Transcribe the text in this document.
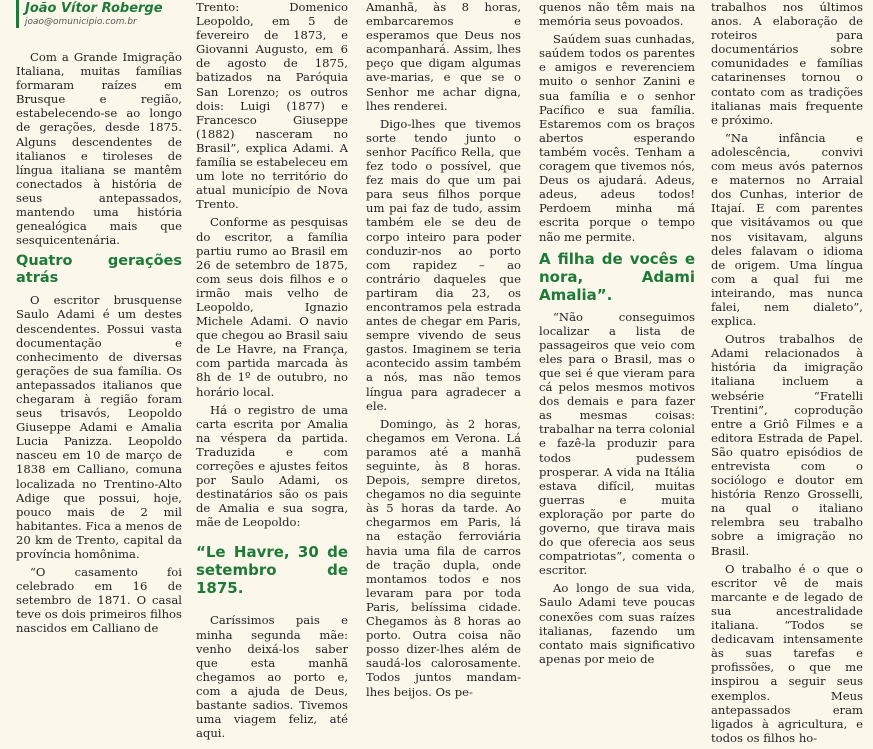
João Vítor Roberge
joao@omunicipio.com.br

Com a Grande Imigração Italiana, muitas famílias formaram raízes em Brusque e região, estabelecendo-se ao longo de gerações, desde 1875. Alguns descendentes de italianos e tiroleses de língua italiana se mantêm conectados à história de seus antepassados, mantendo uma história genealógica mais que sesquicentenária.

Quatro gerações atrás

O escritor brusquense Saulo Adami é um destes descendentes. Possui vasta documentação e conhecimento de diversas gerações de sua família. Os antepassados italianos que chegaram à região foram seus trisavós, Leopoldo Giuseppe Adami e Amalia Lucia Panizza. Leopoldo nasceu em 10 de março de 1838 em Calliano, comuna localizada no Trentino-Alto Adige que possui, hoje, pouco mais de 2 mil habitantes. Fica a menos de 20 km de Trento, capital da província homônima.

“O casamento foi celebrado em 16 de setembro de 1871. O casal teve os dois primeiros filhos nascidos em Calliano de

Trento: Domenico Leopoldo, em 5 de fevereiro de 1873, e Giovanni Augusto, em 6 de agosto de 1875, batizados na Paróquia San Lorenzo; os outros dois: Luigi (1877) e Francesco Giuseppe (1882) nasceram no Brasil”, explica Adami. A família se estabeleceu em um lote no território do atual município de Nova Trento.

Conforme as pesquisas do escritor, a família partiu rumo ao Brasil em 26 de setembro de 1875, com seus dois filhos e o irmão mais velho de Leopoldo, Ignazio Michele Adami. O navio que chegou ao Brasil saiu de Le Havre, na França, com partida marcada às 8h de 1º de outubro, no horário local.

Há o registro de uma carta escrita por Amalia na véspera da partida. Traduzida e com correções e ajustes feitos por Saulo Adami, os destinatários são os pais de Amalia e sua sogra, mãe de Leopoldo:

“Le Havre, 30 de setembro de 1875.

Caríssimos pais e minha segunda mãe: venho deixá-los saber que esta manhã chegamos ao porto e, com a ajuda de Deus, bastante sadios. Tivemos uma viagem feliz, até aqui.

Amanhã, às 8 horas, embarcaremos e esperamos que Deus nos acompanhará. Assim, lhes peço que digam algumas ave-marias, e que se o Senhor me achar digna, lhes renderei.

Digo-lhes que tivemos sorte tendo junto o senhor Pacífico Rella, que fez todo o possível, que fez mais do que um pai para seus filhos porque um pai faz de tudo, assim também ele se deu de corpo inteiro para poder conduzir-nos ao porto com rapidez – ao contrário daqueles que partiram dia 23, os encontramos pela estrada antes de chegar em Paris, sempre vivendo de seus gastos. Imaginem se teria acontecido assim também a nós, mas não temos língua para agradecer a ele.

Domingo, às 2 horas, chegamos em Verona. Lá paramos até a manhã seguinte, às 8 horas. Depois, sempre diretos, chegamos no dia seguinte às 5 horas da tarde. Ao chegarmos em Paris, lá na estação ferroviária havia uma fila de carros de tração dupla, onde montamos todos e nos levaram para por toda Paris, belíssima cidade. Chegamos às 8 horas ao porto. Outra coisa não posso dizer-lhes além de saudá-los calorosamente. Todos juntos mandam-lhes beijos. Os pe-

quenos não têm mais na memória seus povoados.

Saúdem suas cunhadas, saúdem todos os parentes e amigos e reverenciem muito o senhor Zanini e sua família e o senhor Pacífico e sua família. Estaremos com os braços abertos esperando também vocês. Tenham a coragem que tivemos nós, Deus os ajudará. Adeus, adeus, adeus todos! Perdoem minha má escrita porque o tempo não me permite.

A filha de vocês e nora, Adami Amalia”.

“Não conseguimos localizar a lista de passageiros que veio com eles para o Brasil, mas o que sei é que vieram para cá pelos mesmos motivos dos demais e para fazer as mesmas coisas: trabalhar na terra colonial e fazê-la produzir para todos pudessem prosperar. A vida na Itália estava difícil, muitas guerras e muita exploração por parte do governo, que tirava mais do que oferecia aos seus compatriotas”, comenta o escritor.

Ao longo de sua vida, Saulo Adami teve poucas conexões com suas raízes italianas, fazendo um contato mais significativo apenas por meio de

trabalhos nos últimos anos. A elaboração de roteiros para documentários sobre comunidades e famílias catarinenses tornou o contato com as tradições italianas mais frequente e próximo.

“Na infância e adolescência, convivi com meus avós paternos e maternos no Arraial dos Cunhas, interior de Itajaí. E com parentes que visitávamos ou que nos visitavam, alguns deles falavam o idioma de origem. Uma língua com a qual fui me inteirando, mas nunca falei, nem dialeto”, explica.

Outros trabalhos de Adami relacionados à história da imigração italiana incluem a websérie “Fratelli Trentini”, coprodução entre a Griô Filmes e a editora Estrada de Papel. São quatro episódios de entrevista com o sociólogo e doutor em história Renzo Grosselli, na qual o italiano relembra seu trabalho sobre a imigração no Brasil.

O trabalho é o que o escritor vê de mais marcante e de legado de sua ancestralidade italiana. “Todos se dedicavam intensamente às suas tarefas e profissões, o que me inspirou a seguir seus exemplos. Meus antepassados eram ligados à agricultura, e todos os filhos ho-
